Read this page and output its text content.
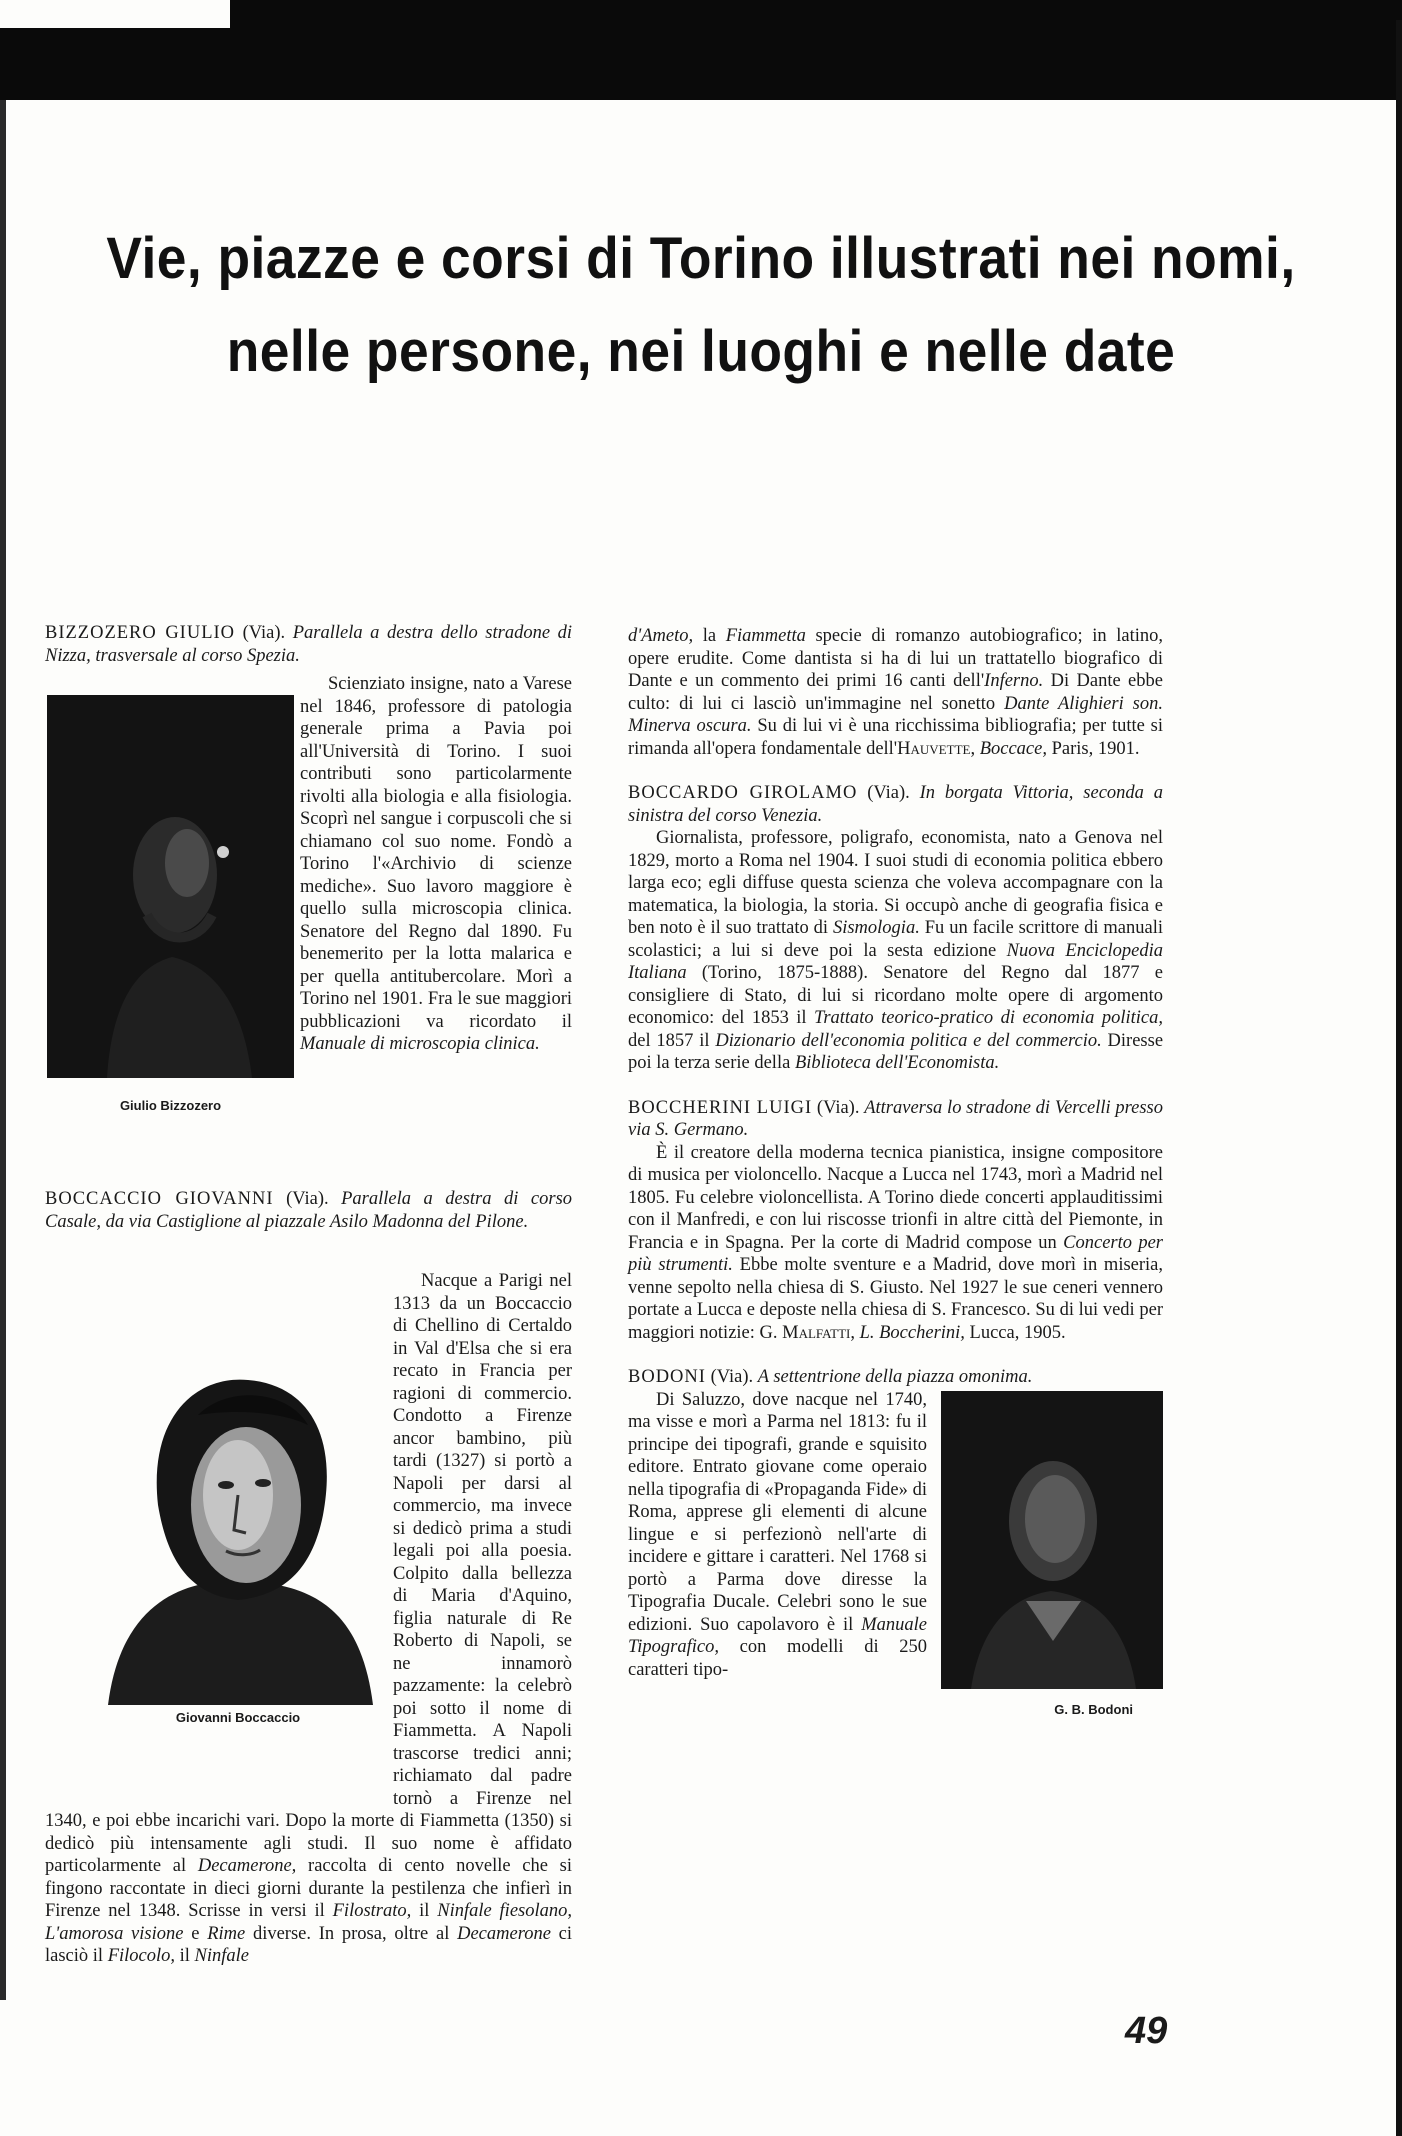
Vie, piazze e corsi di Torino illustrati nei nomi,
nelle persone, nei luoghi e nelle date

BIZZOZERO GIULIO (Via). Parallela a destra dello stradone di Nizza, trasversale al corso Spezia.

Giulio Bizzozero

Scienziato insigne, nato a Varese nel 1846, professore di patologia generale prima a Pavia poi all'Università di Torino. I suoi contributi sono particolarmente rivolti alla biologia e alla fisiologia. Scoprì nel sangue i corpuscoli che si chiamano col suo nome. Fondò a Torino l'«Archivio di scienze mediche». Suo lavoro maggiore è quello sulla microscopia clinica. Senatore del Regno dal 1890. Fu benemerito per la lotta malarica e per quella antitubercolare. Morì a Torino nel 1901. Fra le sue maggiori pubblicazioni va ricordato il Manuale di microscopia clinica.

BOCCACCIO GIOVANNI (Via). Parallela a destra di corso Casale, da via Castiglione al piazzale Asilo Madonna del Pilone.

Giovanni Boccaccio

Nacque a Parigi nel 1313 da un Boccaccio di Chellino di Certaldo in Val d'Elsa che si era recato in Francia per ragioni di commercio. Condotto a Firenze ancor bambino, più tardi (1327) si portò a Napoli per darsi al commercio, ma invece si dedicò prima a studi legali poi alla poesia. Colpito dalla bellezza di Maria d'Aquino, figlia naturale di Re Roberto di Napoli, se ne innamorò pazzamente: la celebrò poi sotto il nome di Fiammetta. A Napoli trascorse tredici anni; richiamato dal padre tornò a Firenze nel 1340, e poi ebbe incarichi vari. Dopo la morte di Fiammetta (1350) si dedicò più intensamente agli studi. Il suo nome è affidato particolarmente al Decamerone, raccolta di cento novelle che si fingono raccontate in dieci giorni durante la pestilenza che infierì in Firenze nel 1348. Scrisse in versi il Filostrato, il Ninfale fiesolano, L'amorosa visione e Rime diverse. In prosa, oltre al Decamerone ci lasciò il Filocolo, il Ninfale

d'Ameto, la Fiammetta specie di romanzo autobiografico; in latino, opere erudite. Come dantista si ha di lui un trattatello biografico di Dante e un commento dei primi 16 canti dell'Inferno. Di Dante ebbe culto: di lui ci lasciò un'immagine nel sonetto Dante Alighieri son. Minerva oscura. Su di lui vi è una ricchissima bibliografia; per tutte si rimanda all'opera fondamentale dell'Hauvette, Boccace, Paris, 1901.

BOCCARDO GIROLAMO (Via). In borgata Vittoria, seconda a sinistra del corso Venezia.

Giornalista, professore, poligrafo, economista, nato a Genova nel 1829, morto a Roma nel 1904. I suoi studi di economia politica ebbero larga eco; egli diffuse questa scienza che voleva accompagnare con la matematica, la biologia, la storia. Si occupò anche di geografia fisica e ben noto è il suo trattato di Sismologia. Fu un facile scrittore di manuali scolastici; a lui si deve poi la sesta edizione Nuova Enciclopedia Italiana (Torino, 1875-1888). Senatore del Regno dal 1877 e consigliere di Stato, di lui si ricordano molte opere di argomento economico: del 1853 il Trattato teorico-pratico di economia politica, del 1857 il Dizionario dell'economia politica e del commercio. Diresse poi la terza serie della Biblioteca dell'Economista.

BOCCHERINI LUIGI (Via). Attraversa lo stradone di Vercelli presso via S. Germano.

È il creatore della moderna tecnica pianistica, insigne compositore di musica per violoncello. Nacque a Lucca nel 1743, morì a Madrid nel 1805. Fu celebre violoncellista. A Torino diede concerti applauditissimi con il Manfredi, e con lui riscosse trionfi in altre città del Piemonte, in Francia e in Spagna. Per la corte di Madrid compose un Concerto per più strumenti. Ebbe molte sventure e a Madrid, dove morì in miseria, venne sepolto nella chiesa di S. Giusto. Nel 1927 le sue ceneri vennero portate a Lucca e deposte nella chiesa di S. Francesco. Su di lui vedi per maggiori notizie: G. Malfatti, L. Boccherini, Lucca, 1905.

BODONI (Via). A settentrione della piazza omonima.

G. B. Bodoni

Di Saluzzo, dove nacque nel 1740, ma visse e morì a Parma nel 1813: fu il principe dei tipografi, grande e squisito editore. Entrato giovane come operaio nella tipografia di «Propaganda Fide» di Roma, apprese gli elementi di alcune lingue e si perfezionò nell'arte di incidere e gittare i caratteri. Nel 1768 si portò a Parma dove diresse la Tipografia Ducale. Celebri sono le sue edizioni. Suo capolavoro è il Manuale Tipografico, con modelli di 250 caratteri tipo-

49
